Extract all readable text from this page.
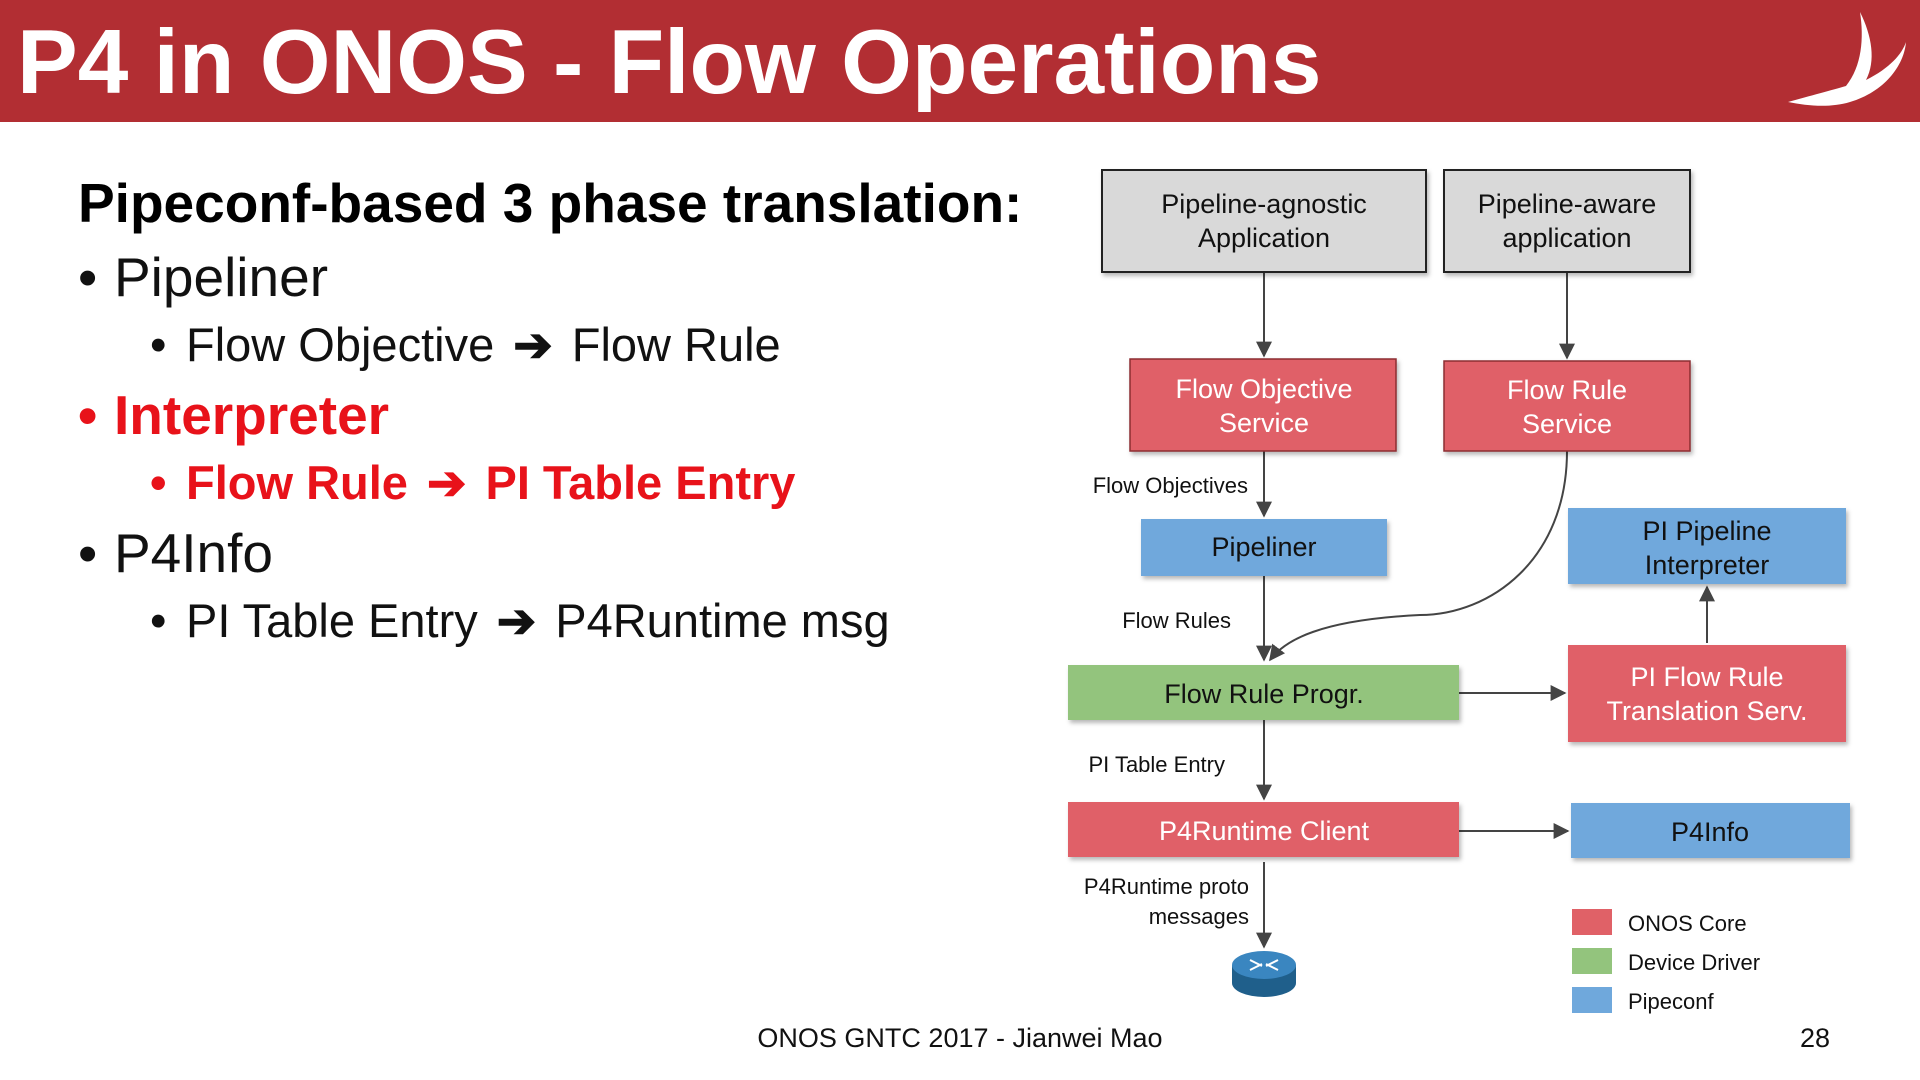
P4 in ONOS - Flow Operations
Pipeconf-based 3 phase translation:
• Pipeliner
• Flow Objective ➔ Flow Rule
• Interpreter
• Flow Rule ➔ PI Table Entry
• P4Info
• PI Table Entry ➔ P4Runtime msg
Pipeline-agnostic
Application
Pipeline-aware
application
Flow Objective
Service
Flow Rule
Service
Pipeliner
PI Pipeline
Interpreter
Flow Rule Progr.
PI Flow Rule
Translation Serv.
P4Runtime Client	P4Info
Flow Objectives
Flow Rules
PI Table Entry
P4Runtime proto
messages	ONOS Core
Device Driver
Pipeconf
ONOS GNTC 2017 - Jianwei Mao	28
